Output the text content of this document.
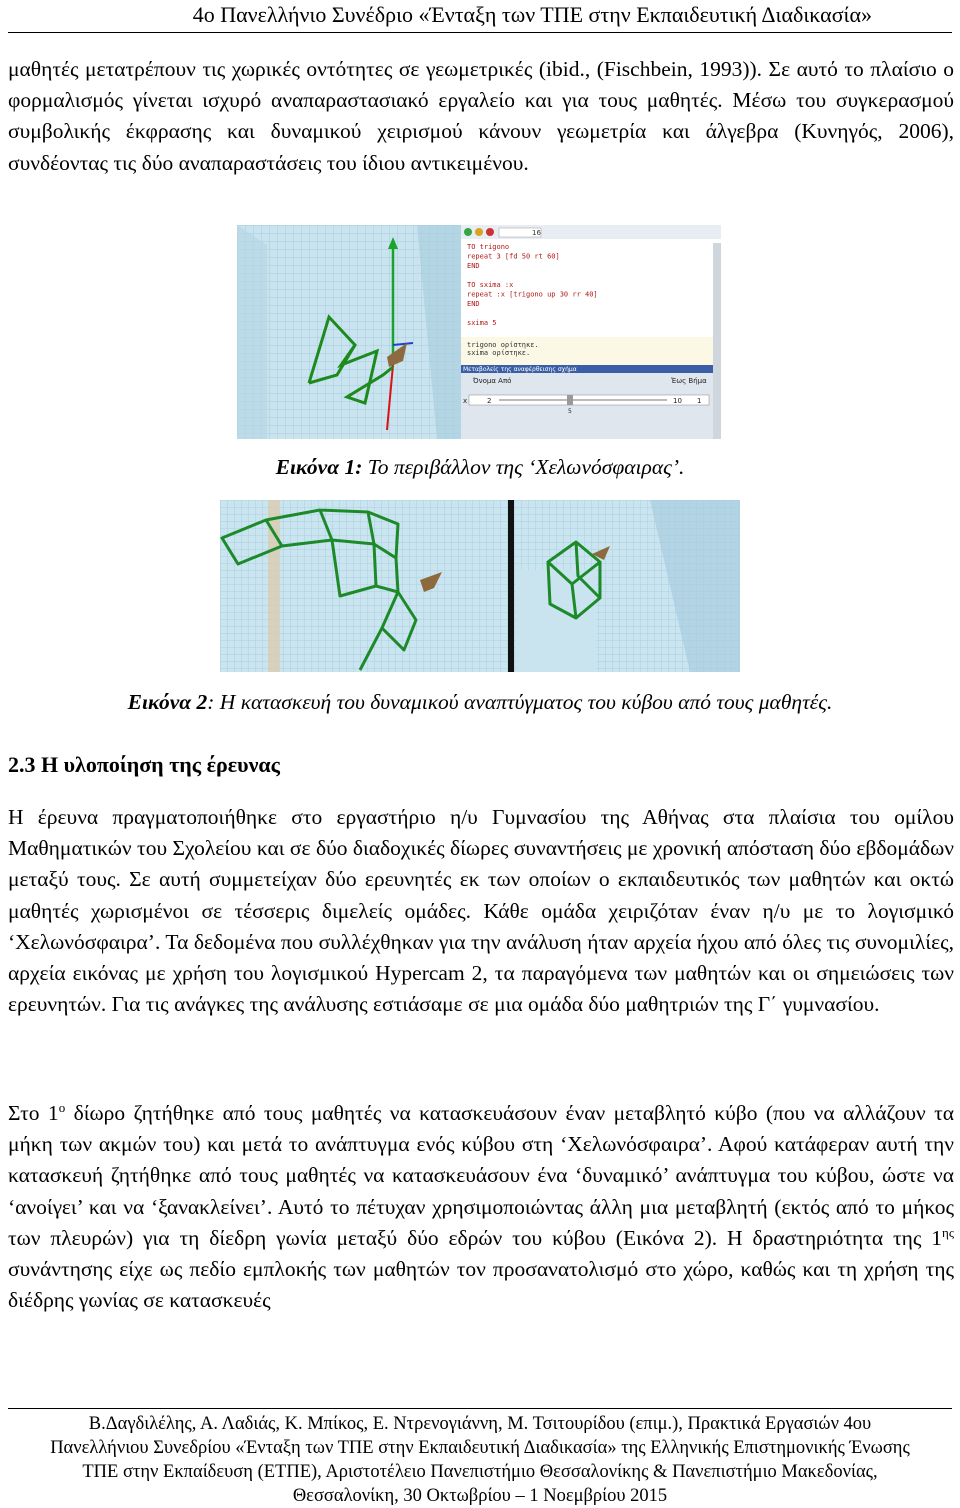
4ο Πανελλήνιο Συνέδριο «Ένταξη των ΤΠΕ στην Εκπαιδευτική Διαδικασία»

μαθητές μετατρέπουν τις χωρικές οντότητες σε γεωμετρικές (ibid., (Fischbein, 1993)). Σε αυτό το πλαίσιο ο φορμαλισμός γίνεται ισχυρό αναπαραστασιακό εργαλείο και για τους μαθητές. Μέσω του συγκερασμού συμβολικής έκφρασης και δυναμικού χειρισμού κάνουν γεωμετρία και άλγεβρα (Κυνηγός, 2006), συνδέοντας τις δύο αναπαραστάσεις του ίδιου αντικειμένου.

16
TO trigono
repeat 3 [fd 50 rt 60]
END
TO sxima :x
repeat :x [trigono up 30 rr 40]
END
sxima 5
trigono ορίστηκε.
sxima ορίστηκε.
Μεταβολείς της αναφέρθεισης σχήμα
Όνομα Από	Έως Βήμα
x	2
5
10 1

Εικόνα 1: Το περιβάλλον της ‘Χελωνόσφαιρας’.

Εικόνα 2: Η κατασκευή του δυναμικού αναπτύγματος του κύβου από τους μαθητές.

2.3 Η υλοποίηση της έρευνας

Η έρευνα πραγματοποιήθηκε στο εργαστήριο η/υ Γυμνασίου της Αθήνας στα πλαίσια του ομίλου Μαθηματικών του Σχολείου και σε δύο διαδοχικές δίωρες συναντήσεις με χρονική απόσταση δύο εβδομάδων μεταξύ τους. Σε αυτή συμμετείχαν δύο ερευνητές εκ των οποίων ο εκπαιδευτικός των μαθητών και οκτώ μαθητές χωρισμένοι σε τέσσερις διμελείς ομάδες. Κάθε ομάδα χειριζόταν έναν η/υ με το λογισμικό ‘Χελωνόσφαιρα’. Τα δεδομένα που συλλέχθηκαν για την ανάλυση ήταν αρχεία ήχου από όλες τις συνομιλίες, αρχεία εικόνας με χρήση του λογισμικού Hypercam 2, τα παραγόμενα των μαθητών και οι σημειώσεις των ερευνητών. Για τις ανάγκες της ανάλυσης εστιάσαμε σε μια ομάδα δύο μαθητριών της Γ΄ γυμνασίου.

Στο $1^o$ δίωρο ζητήθηκε από τους μαθητές να κατασκευάσουν έναν μεταβλητό κύβο (που να αλλάζουν τα μήκη των ακμών του) και μετά το ανάπτυγμα ενός κύβου στη ‘Χελωνόσφαιρα’. Αφού κατάφεραν αυτή την κατασκευή ζητήθηκε από τους μαθητές να κατασκευάσουν ένα ‘δυναμικό’ ανάπτυγμα του κύβου, ώστε να ‘ανοίγει’ και να ‘ξανακλείνει’. Αυτό το πέτυχαν χρησιμοποιώντας άλλη μια μεταβλητή (εκτός από το μήκος των πλευρών) για τη δίεδρη γωνία μεταξύ δύο εδρών του κύβου (Εικόνα 2). Η δραστηριότητα της $1^{\eta\varsigma}$ συνάντησης είχε ως πεδίο εμπλοκής των μαθητών τον προσανατολισμό στο χώρο, καθώς και τη χρήση της διέδρης γωνίας σε κατασκευές

Β.Δαγδιλέλης, Α. Λαδιάς, Κ. Μπίκος, Ε. Ντρενογιάννη, Μ. Τσιτουρίδου (επιμ.), Πρακτικά Εργασιών 4ου
Πανελλήνιου Συνεδρίου «Ένταξη των ΤΠΕ στην Εκπαιδευτική Διαδικασία» της Ελληνικής Επιστημονικής Ένωσης
ΤΠΕ στην Εκπαίδευση (ΕΤΠΕ), Αριστοτέλειο Πανεπιστήμιο Θεσσαλονίκης & Πανεπιστήμιο Μακεδονίας,
Θεσσαλονίκη, 30 Οκτωβρίου – 1 Νοεμβρίου 2015
